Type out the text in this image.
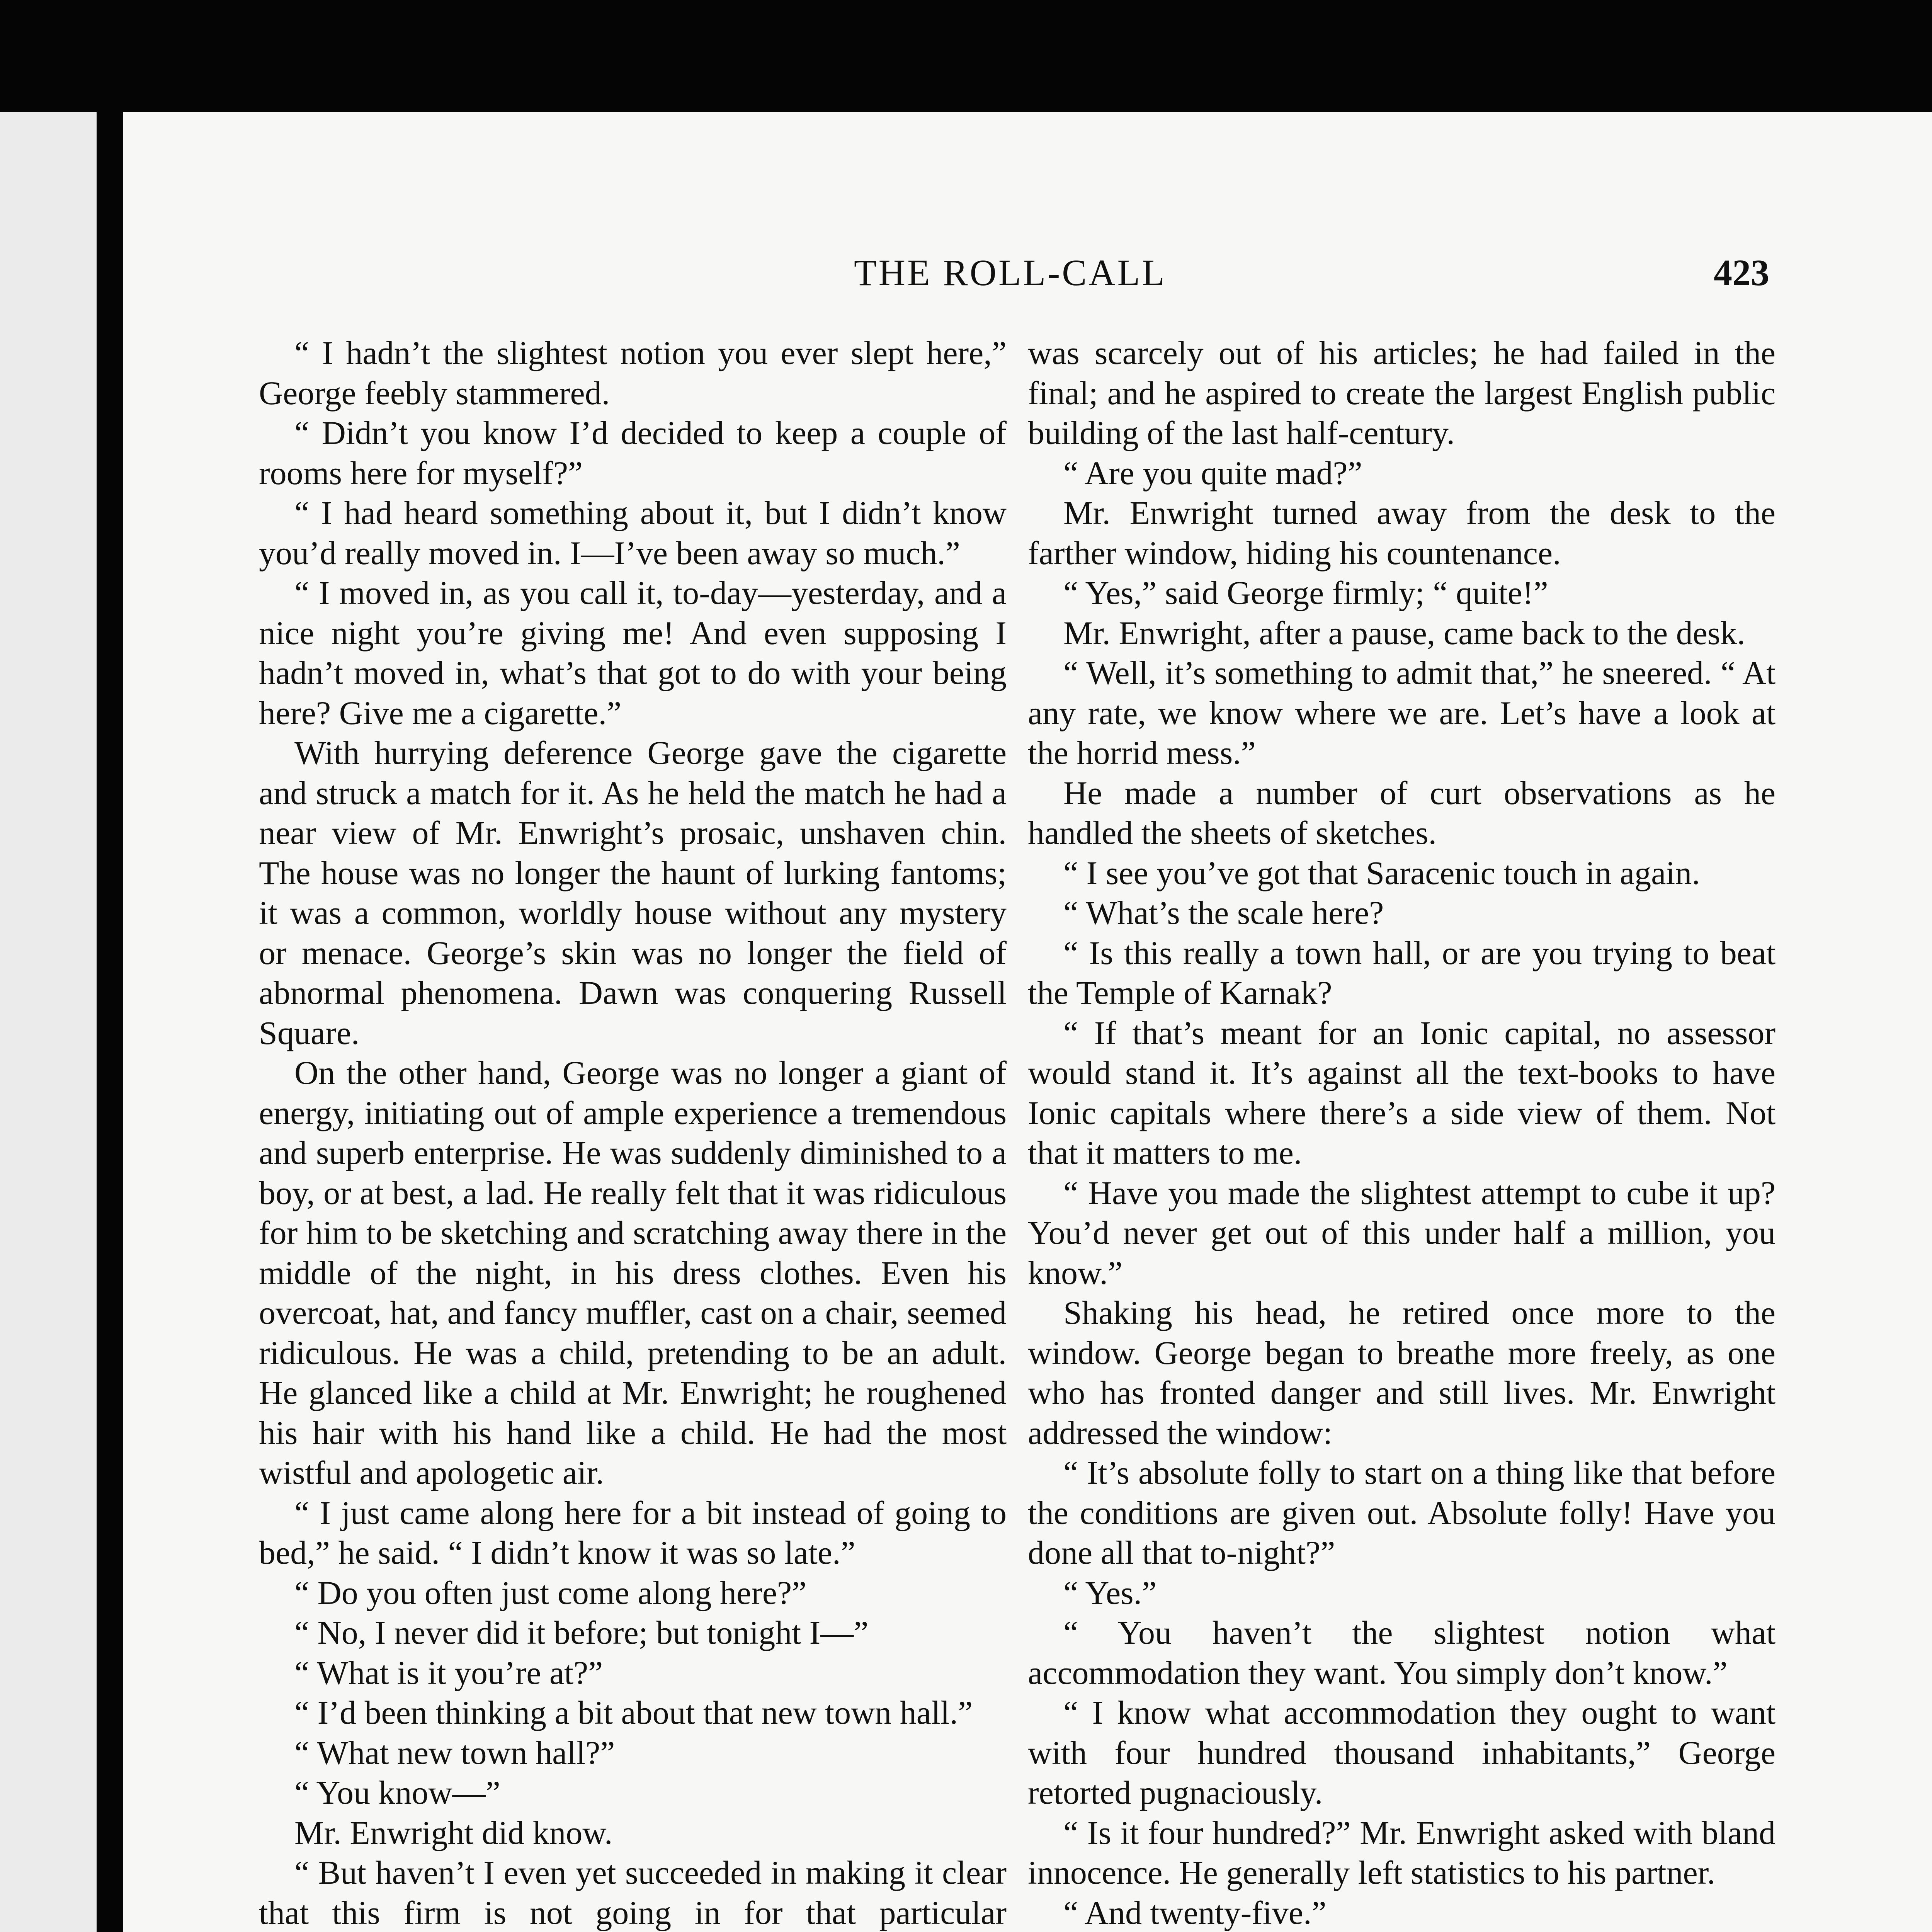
THE ROLL-CALL	423

“ I hadn’t the slightest notion you ever slept here,” George feebly stammered.

“ Didn’t you know I’d decided to keep a couple of rooms here for myself?”

“ I had heard something about it, but I didn’t know you’d really moved in. I—I’ve been away so much.”

“ I moved in, as you call it, to-day—yesterday, and a nice night you’re giving me! And even supposing I hadn’t moved in, what’s that got to do with your being here? Give me a cigarette.”

With hurrying deference George gave the cigarette and struck a match for it. As he held the match he had a near view of Mr. Enwright’s prosaic, unshaven chin. The house was no longer the haunt of lurking fantoms; it was a common, worldly house without any mystery or menace. George’s skin was no longer the field of abnormal phenomena. Dawn was conquering Russell Square.

On the other hand, George was no longer a giant of energy, initiating out of ample experience a tremendous and superb enterprise. He was suddenly diminished to a boy, or at best, a lad. He really felt that it was ridiculous for him to be sketching and scratching away there in the middle of the night, in his dress clothes. Even his overcoat, hat, and fancy muffler, cast on a chair, seemed ridiculous. He was a child, pretending to be an adult. He glanced like a child at Mr. Enwright; he roughened his hair with his hand like a child. He had the most wistful and apologetic air.

“ I just came along here for a bit instead of going to bed,” he said. “ I didn’t know it was so late.”

“ Do you often just come along here?”

“ No, I never did it before; but tonight I—”

“ What is it you’re at?”

“ I’d been thinking a bit about that new town hall.”

“ What new town hall?”

“ You know—”

Mr. Enwright did know.

“ But haven’t I even yet succeeded in making it clear that this firm is not going in for that particular

was scarcely out of his articles; he had failed in the final; and he aspired to create the largest English public building of the last half-century.

“ Are you quite mad?”

Mr. Enwright turned away from the desk to the farther window, hiding his countenance.

“ Yes,” said George firmly; “ quite!”

Mr. Enwright, after a pause, came back to the desk.

“ Well, it’s something to admit that,” he sneered. “ At any rate, we know where we are. Let’s have a look at the horrid mess.”

He made a number of curt observations as he handled the sheets of sketches.

“ I see you’ve got that Saracenic touch in again.

“ What’s the scale here?

“ Is this really a town hall, or are you trying to beat the Temple of Karnak?

“ If that’s meant for an Ionic capital, no assessor would stand it. It’s against all the text-books to have Ionic capitals where there’s a side view of them. Not that it matters to me.

“ Have you made the slightest attempt to cube it up? You’d never get out of this under half a million, you know.”

Shaking his head, he retired once more to the window. George began to breathe more freely, as one who has fronted danger and still lives. Mr. Enwright addressed the window:

“ It’s absolute folly to start on a thing like that before the conditions are given out. Absolute folly! Have you done all that to-night?”

“ Yes.”

“ You haven’t the slightest notion what accommodation they want. You simply don’t know.”

“ I know what accommodation they ought to want with four hundred thousand inhabitants,” George retorted pugnaciously.

“ Is it four hundred?” Mr. Enwright asked with bland innocence. He generally left statistics to his partner.

“ And twenty-five.”
